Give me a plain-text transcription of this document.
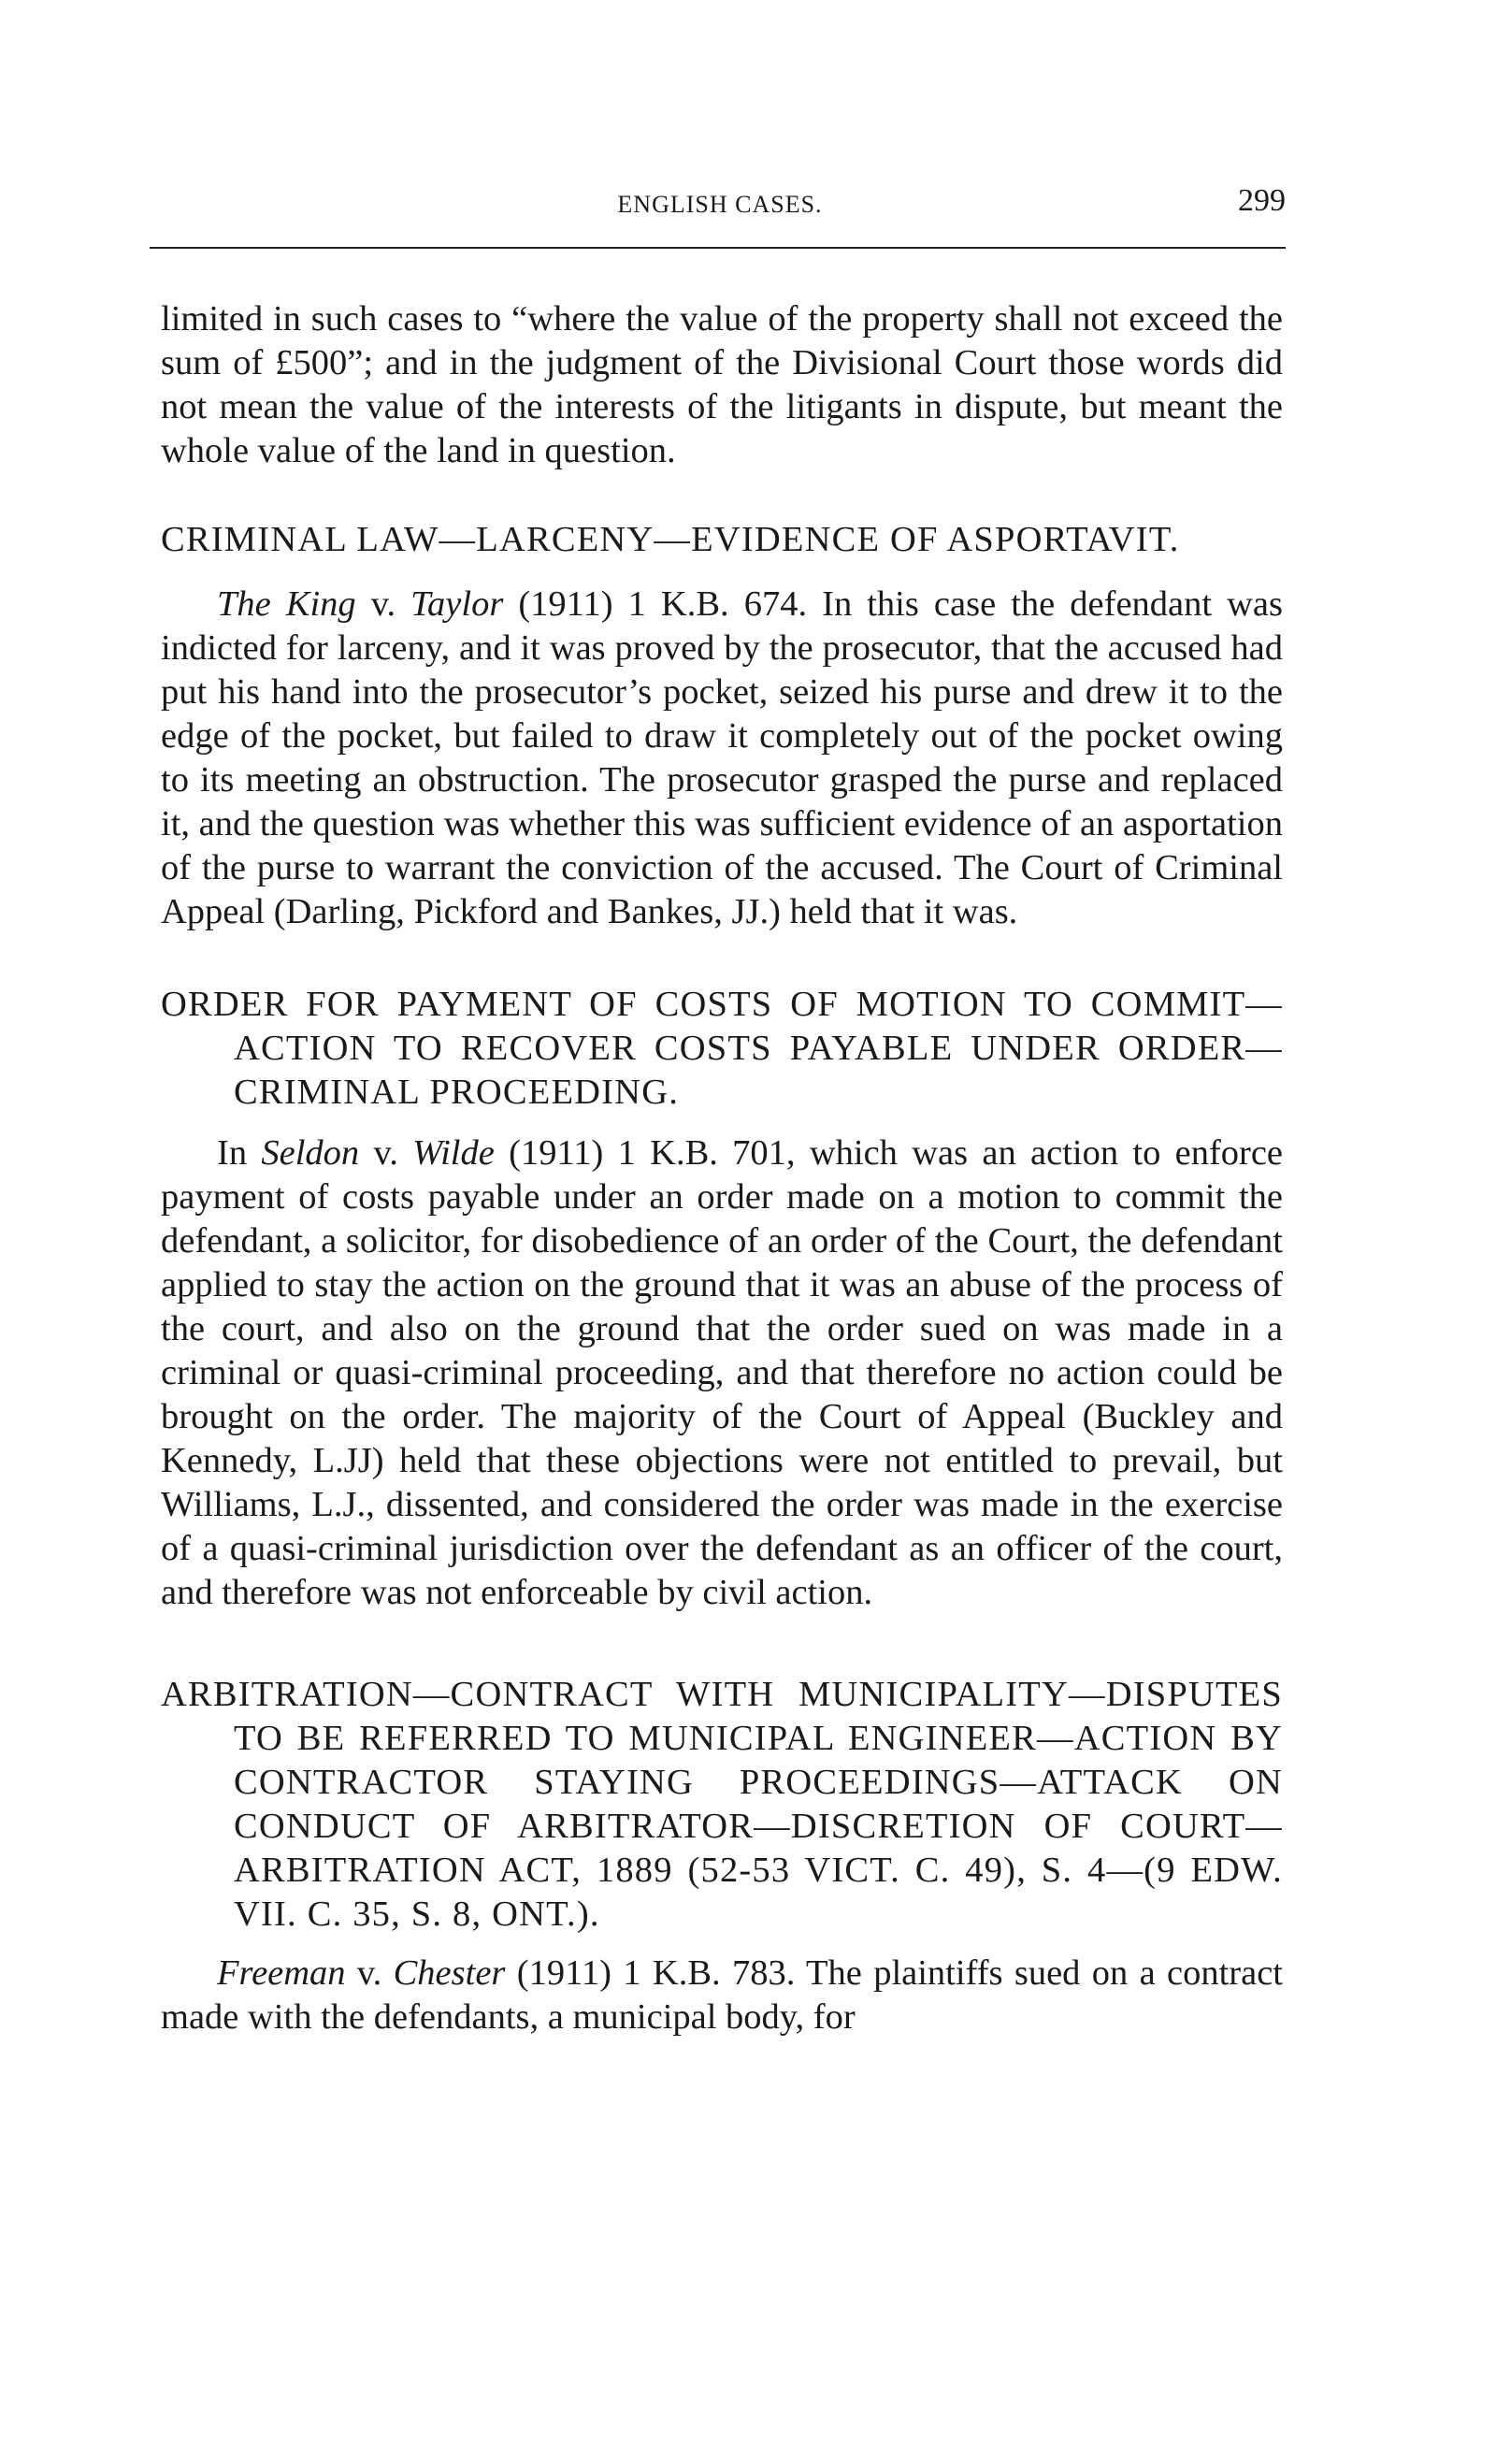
ENGLISH CASES.	299

limited in such cases to “where the value of the property shall not exceed the sum of £500”; and in the judgment of the Divisional Court those words did not mean the value of the interests of the litigants in dispute, but meant the whole value of the land in question.

CRIMINAL LAW—LARCENY—EVIDENCE OF ASPORTAVIT.

The King v. Taylor (1911) 1 K.B. 674. In this case the defendant was indicted for larceny, and it was proved by the prosecutor, that the accused had put his hand into the prosecutor’s pocket, seized his purse and drew it to the edge of the pocket, but failed to draw it completely out of the pocket owing to its meeting an obstruction. The prosecutor grasped the purse and replaced it, and the question was whether this was sufficient evidence of an asportation of the purse to warrant the conviction of the accused. The Court of Criminal Appeal (Darling, Pickford and Bankes, JJ.) held that it was.

ORDER FOR PAYMENT OF COSTS OF MOTION TO COMMIT—ACTION TO RECOVER COSTS PAYABLE UNDER ORDER—CRIMINAL PROCEEDING.

In Seldon v. Wilde (1911) 1 K.B. 701, which was an action to enforce payment of costs payable under an order made on a motion to commit the defendant, a solicitor, for disobedience of an order of the Court, the defendant applied to stay the action on the ground that it was an abuse of the process of the court, and also on the ground that the order sued on was made in a criminal or quasi-criminal proceeding, and that therefore no action could be brought on the order. The majority of the Court of Appeal (Buckley and Kennedy, L.JJ) held that these objections were not entitled to prevail, but Williams, L.J., dissented, and considered the order was made in the exercise of a quasi-criminal jurisdiction over the defendant as an officer of the court, and therefore was not enforceable by civil action.

ARBITRATION—CONTRACT WITH MUNICIPALITY—DISPUTES TO BE REFERRED TO MUNICIPAL ENGINEER—ACTION BY CONTRACTOR STAYING PROCEEDINGS—ATTACK ON CONDUCT OF ARBITRATOR—DISCRETION OF COURT—ARBITRATION ACT, 1889 (52-53 VICT. C. 49), S. 4—(9 EDW. VII. C. 35, S. 8, ONT.).

Freeman v. Chester (1911) 1 K.B. 783. The plaintiffs sued on a contract made with the defendants, a municipal body, for
